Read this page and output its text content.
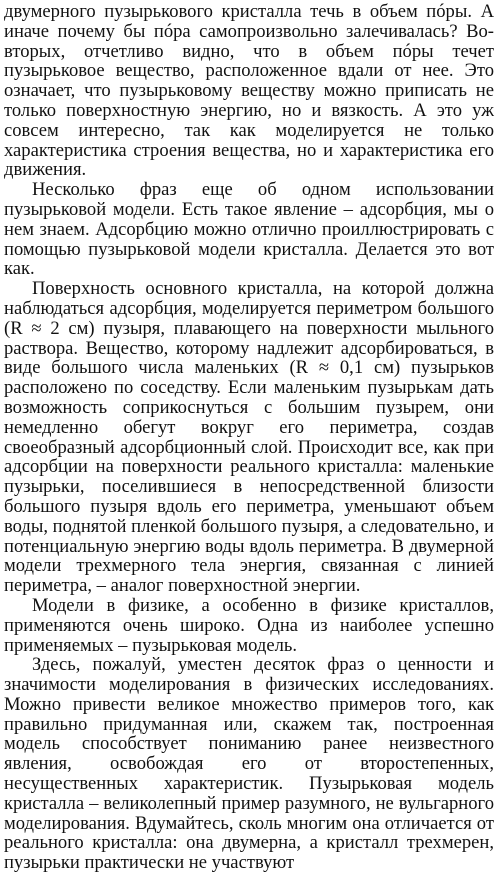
двумерного пузырькового кристалла течь в объем пóры. А иначе почему бы пóра самопроизвольно залечивалась? Во-вторых, отчетливо видно, что в объем пóры течет пузырьковое вещество, расположенное вдали от нее. Это означает, что пузырьковому веществу можно приписать не только поверхностную энергию, но и вязкость. А это уж совсем интересно, так как моделируется не только характеристика строения вещества, но и характеристика его движения.

Несколько фраз еще об одном использовании пузырьковой модели. Есть такое явление – адсорбция, мы о нем знаем. Адсорбцию можно отлично проиллюстрировать с помощью пузырьковой модели кристалла. Делается это вот как.

Поверхность основного кристалла, на которой должна наблюдаться адсорбция, моделируется периметром большого (R ≈ 2 см) пузыря, плавающего на поверхности мыльного раствора. Вещество, которому надлежит адсорбироваться, в виде большого числа маленьких (R ≈ 0,1 см) пузырьков расположено по соседству. Если маленьким пузырькам дать возможность соприкоснуться с большим пузырем, они немедленно обегут вокруг его периметра, создав своеобразный адсорбционный слой. Происходит все, как при адсорбции на поверхности реального кристалла: маленькие пузырьки, поселившиеся в непосредственной близости большого пузыря вдоль его периметра, уменьшают объем воды, поднятой пленкой большого пузыря, а следовательно, и потенциальную энергию воды вдоль периметра. В двумерной модели трехмерного тела энергия, связанная с линией периметра, – аналог поверхностной энергии.

Модели в физике, а особенно в физике кристаллов, применяются очень широко. Одна из наиболее успешно применяемых – пузырьковая модель.

Здесь, пожалуй, уместен десяток фраз о ценности и значимости моделирования в физических исследованиях. Можно привести великое множество примеров того, как правильно придуманная или, скажем так, построенная модель способствует пониманию ранее неизвестного явления, освобождая его от второстепенных, несущественных характеристик. Пузырьковая модель кристалла – великолепный пример разумного, не вульгарного моделирования. Вдумайтесь, сколь многим она отличается от реального кристалла: она двумерна, а кристалл трехмерен, пузырьки практически не участвуют
